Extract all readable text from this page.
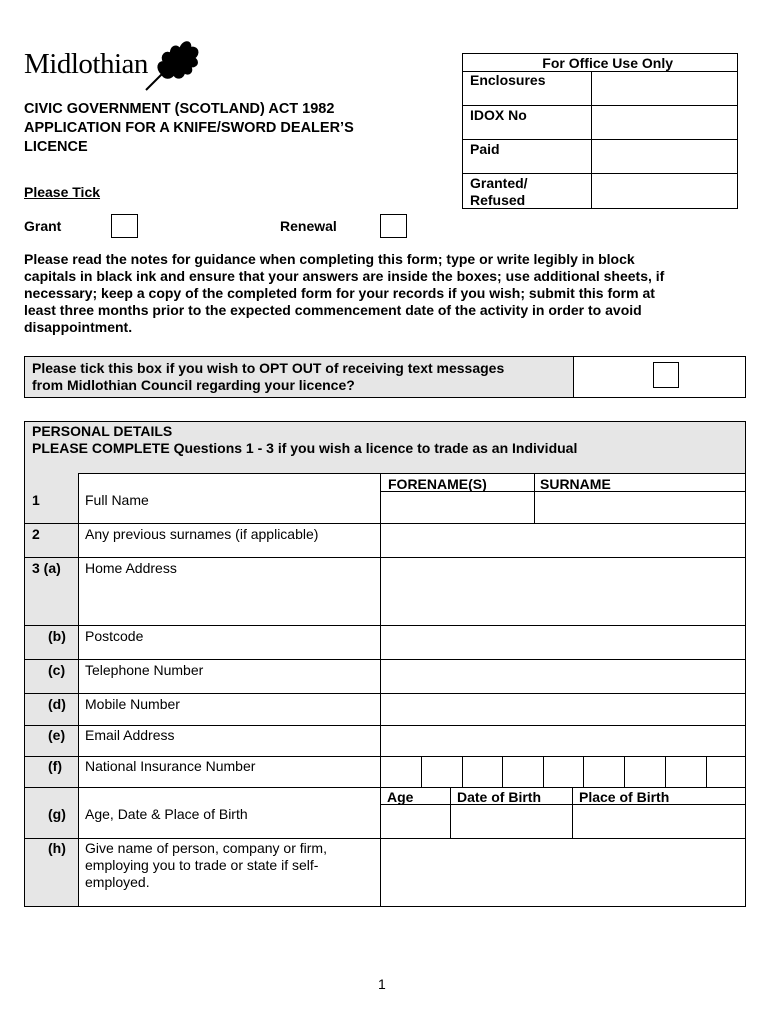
Midlothian
CIVIC GOVERNMENT (SCOTLAND) ACT 1982
APPLICATION FOR A KNIFE/SWORD DEALER’S
LICENCE
For Office Use Only
Enclosures
IDOX No
Paid
Granted/
Refused
Please Tick
Grant	Renewal
Please read the notes for guidance when completing this form; type or write legibly in block
capitals in black ink and ensure that your answers are inside the boxes; use additional sheets, if
necessary; keep a copy of the completed form for your records if you wish; submit this form at
least three months prior to the expected commencement date of the activity in order to avoid
disappointment.
Please tick this box if you wish to OPT OUT of receiving text messages
from Midlothian Council regarding your licence?
PERSONAL DETAILS
PLEASE COMPLETE Questions 1 - 3 if you wish a licence to trade as an Individual
FORENAME(S)	SURNAME
1	Full Name
2	Any previous surnames (if applicable)
3 (a) Home Address
(b) Postcode
(c) Telephone Number
(d) Mobile Number
(e) Email Address
(f) National Insurance Number
Age	Date of Birth	Place of Birth
(g) Age, Date & Place of Birth
(h) Give name of person, company or firm,
employing you to trade or state if self-
employed.
1
